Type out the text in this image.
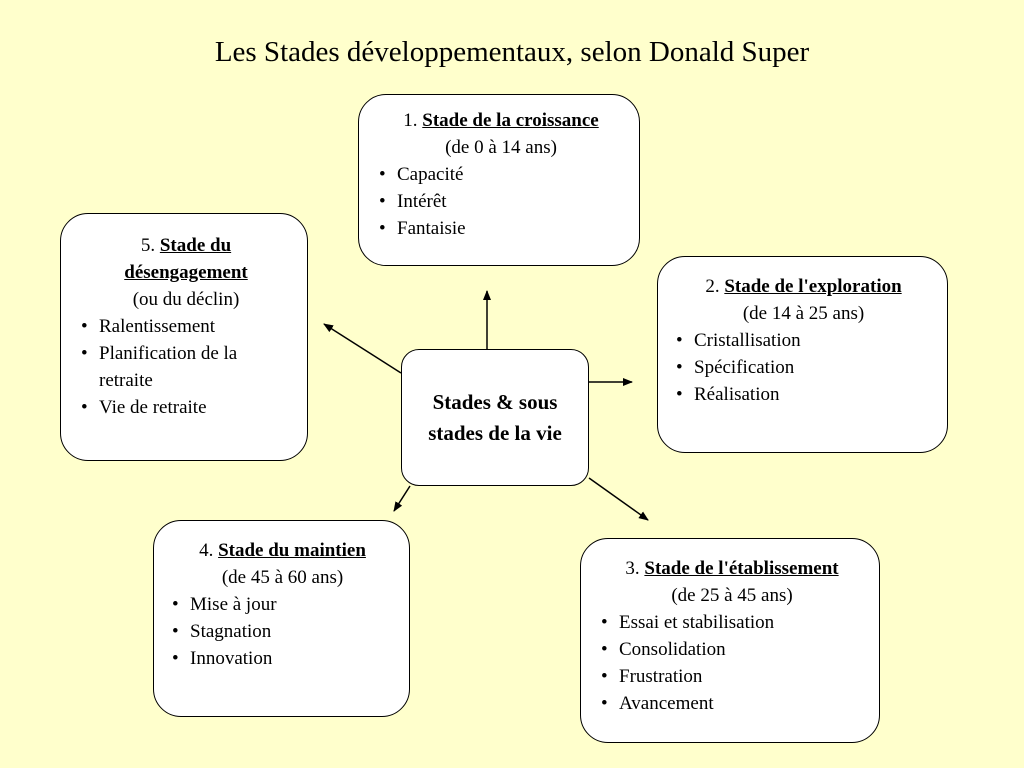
Les Stades développementaux, selon Donald Super
1. Stade de la croissance
(de 0 à 14 ans)
• Capacité
• Intérêt
• Fantaisie
2. Stade de l'exploration
(de 14 à 25 ans)
• Cristallisation
• Spécification
• Réalisation
3. Stade de l'établissement
(de 25 à 45 ans)
• Essai et stabilisation
• Consolidation
• Frustration
• Avancement
4. Stade du maintien
(de 45 à 60 ans)
• Mise à jour
• Stagnation
• Innovation
5. Stade du désengagement
(ou du déclin)
• Ralentissement
• Planification de la retraite
• Vie de retraite	Stades & sous stades de la vie
